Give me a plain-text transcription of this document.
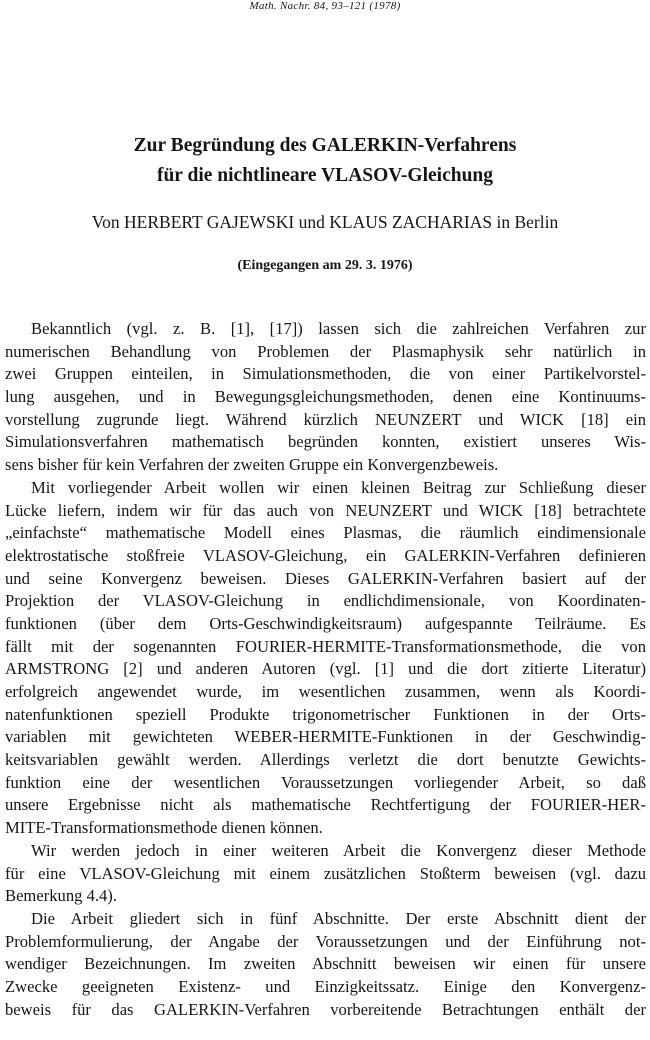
Math. Nachr. 84, 93–121 (1978)
Zur Begründung des GALERKIN-Verfahrens
für die nichtlineare VLASOV-Gleichung
Von HERBERT GAJEWSKI und KLAUS ZACHARIAS in Berlin
(Eingegangen am 29. 3. 1976)
Bekanntlich (vgl. z. B. [1], [17]) lassen sich die zahlreichen Verfahren zur
numerischen Behandlung von Problemen der Plasmaphysik sehr natürlich in
zwei Gruppen einteilen, in Simulationsmethoden, die von einer Partikelvorstel-
lung ausgehen, und in Bewegungsgleichungsmethoden, denen eine Kontinuums-
vorstellung zugrunde liegt. Während kürzlich NEUNZERT und WICK [18] ein
Simulationsverfahren mathematisch begründen konnten, existiert unseres Wis-
sens bisher für kein Verfahren der zweiten Gruppe ein Konvergenzbeweis.
Mit vorliegender Arbeit wollen wir einen kleinen Beitrag zur Schließung dieser
Lücke liefern, indem wir für das auch von NEUNZERT und WICK [18] betrachtete
„einfachste“ mathematische Modell eines Plasmas, die räumlich eindimensionale
elektrostatische stoßfreie VLASOV-Gleichung, ein GALERKIN-Verfahren definieren
und seine Konvergenz beweisen. Dieses GALERKIN-Verfahren basiert auf der
Projektion der VLASOV-Gleichung in endlichdimensionale, von Koordinaten-
funktionen (über dem Orts-Geschwindigkeitsraum) aufgespannte Teilräume. Es
fällt mit der sogenannten FOURIER-HERMITE-Transformationsmethode, die von
ARMSTRONG [2] und anderen Autoren (vgl. [1] und die dort zitierte Literatur)
erfolgreich angewendet wurde, im wesentlichen zusammen, wenn als Koordi-
natenfunktionen speziell Produkte trigonometrischer Funktionen in der Orts-
variablen mit gewichteten WEBER-HERMITE-Funktionen in der Geschwindig-
keitsvariablen gewählt werden. Allerdings verletzt die dort benutzte Gewichts-
funktion eine der wesentlichen Voraussetzungen vorliegender Arbeit, so daß
unsere Ergebnisse nicht als mathematische Rechtfertigung der FOURIER-HER-
MITE-Transformationsmethode dienen können.
Wir werden jedoch in einer weiteren Arbeit die Konvergenz dieser Methode
für eine VLASOV-Gleichung mit einem zusätzlichen Stoßterm beweisen (vgl. dazu
Bemerkung 4.4).
Die Arbeit gliedert sich in fünf Abschnitte. Der erste Abschnitt dient der
Problemformulierung, der Angabe der Voraussetzungen und der Einführung not-
wendiger Bezeichnungen. Im zweiten Abschnitt beweisen wir einen für unsere
Zwecke geeigneten Existenz- und Einzigkeitssatz. Einige den Konvergenz-
beweis für das GALERKIN-Verfahren vorbereitende Betrachtungen enthält der
